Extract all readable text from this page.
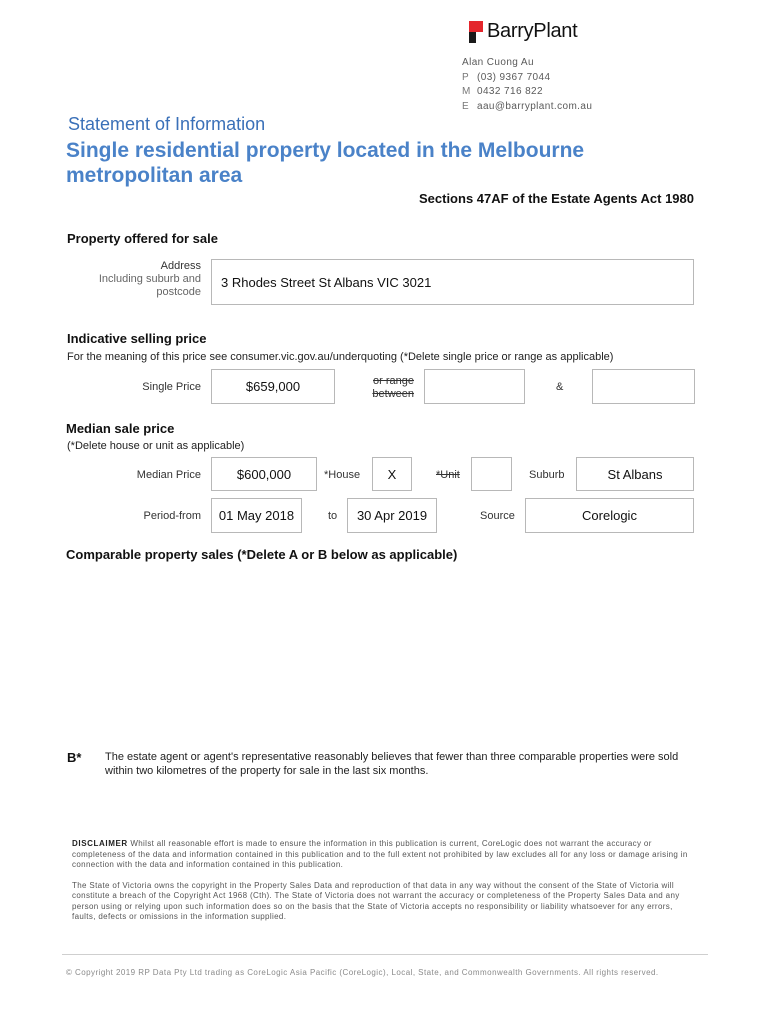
BarryPlant
Alan Cuong Au
P (03) 9367 7044
M 0432 716 822
E aau@barryplant.com.au
Statement of Information
Single residential property located in the Melbourne metropolitan area
Sections 47AF of the Estate Agents Act 1980
Property offered for sale
Address
Including suburb and
postcode
3 Rhodes Street St Albans VIC 3021
Indicative selling price
For the meaning of this price see consumer.vic.gov.au/underquoting (*Delete single price or range as applicable)
Single Price	$659,000	or range
between
&
Median sale price
(*Delete house or unit as applicable)
Median Price	$600,000	*House X	*Unit	Suburb	St Albans
Period-from 01 May 2018	to 30 Apr 2019	Source	Corelogic
Comparable property sales (*Delete A or B below as applicable)
B* The estate agent or agent's representative reasonably believes that fewer than three comparable properties were sold within two kilometres of the property for sale in the last six months.

DISCLAIMER Whilst all reasonable effort is made to ensure the information in this publication is current, CoreLogic does not warrant the accuracy or completeness of the data and information contained in this publication and to the full extent not prohibited by law excludes all for any loss or damage arising in connection with the data and information contained in this publication.

The State of Victoria owns the copyright in the Property Sales Data and reproduction of that data in any way without the consent of the State of Victoria will constitute a breach of the Copyright Act 1968 (Cth). The State of Victoria does not warrant the accuracy or completeness of the Property Sales Data and any person using or relying upon such information does so on the basis that the State of Victoria accepts no responsibility or liability whatsoever for any errors, faults, defects or omissions in the information supplied.

© Copyright 2019 RP Data Pty Ltd trading as CoreLogic Asia Pacific (CoreLogic), Local, State, and Commonwealth Governments. All rights reserved.
